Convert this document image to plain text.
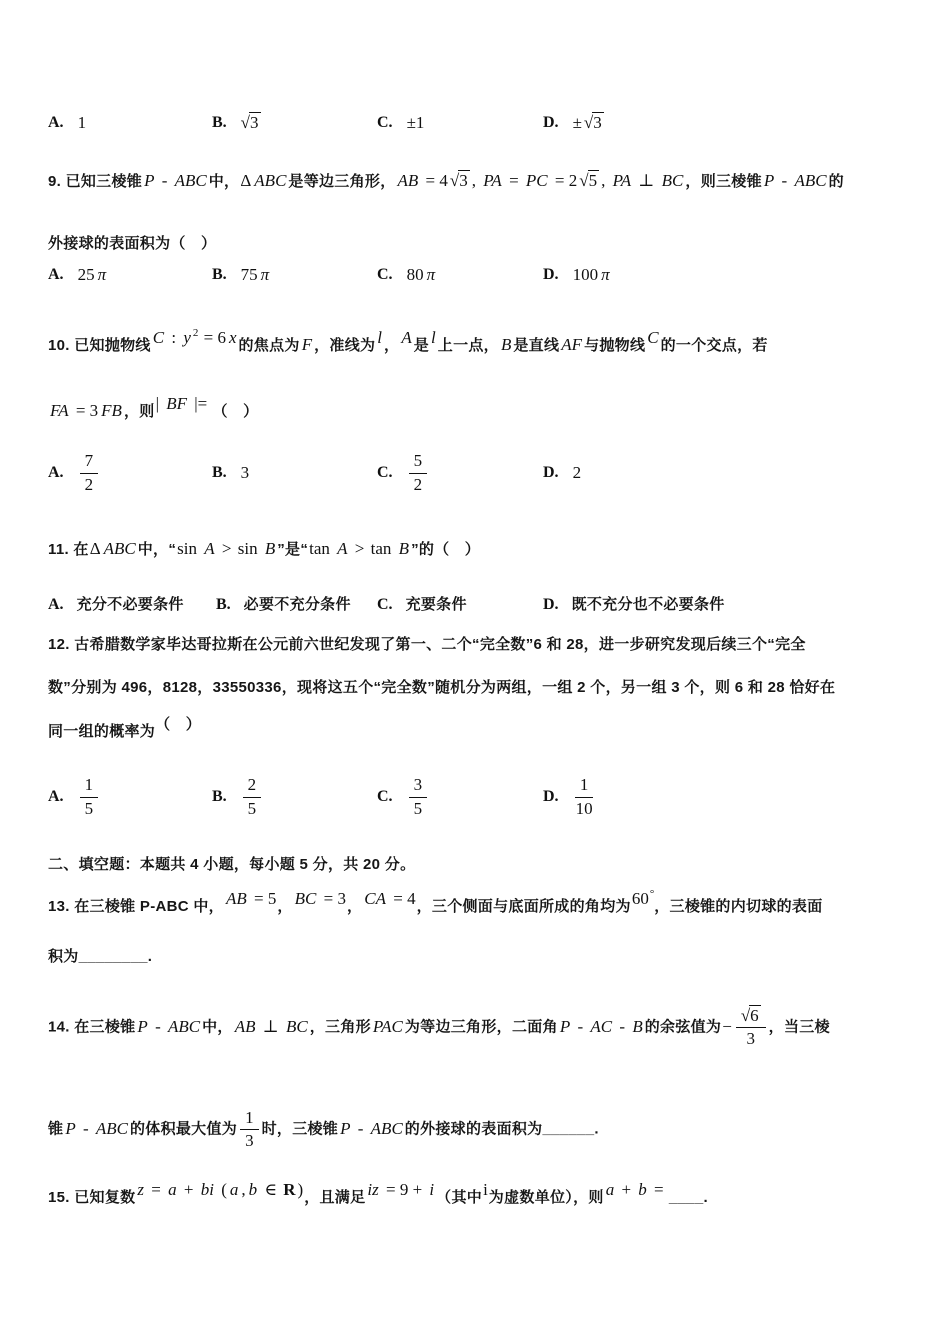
A. 1	B. √3	C. ±1	D. ± √3
9. 已知三棱锥 P - ABC 中，Δ ABC 是等边三角形， AB = 4 √3 , PA = PC = 2 √5 , PA ⊥ BC ，则三棱锥 P - ABC 的
外接球的表面积为（　）
A. 25 π	B. 75 π	C. 80 π	D. 100 π
10. 已知抛物线 C : y $^2$ = 6 x 的焦点为 F ，准线为 l ， A 是 l 上一点， B 是直线 AF 与抛物线 C 的一个交点，若
FA = 3 FB ，则| BF |= （　）
A. $\frac{7}{2}$	B. 3	C. $\frac{5}{2}$	D. 2
11. 在Δ ABC 中，“sin A > sin B ”是“tan A > tan B ”的（　）
A. 充分不必要条件 B. 必要不充分条件 C. 充要条件	D. 既不充分也不必要条件
12. 古希腊数学家毕达哥拉斯在公元前六世纪发现了第一、二个“完全数”6 和 28，进一步研究发现后续三个“完全
数”分别为 496，8128，33550336，现将这五个“完全数”随机分为两组，一组 2 个，另一组 3 个，则 6 和 28 恰好在
同一组的概率为（　）
A. $\frac{1}{5}$	B. $\frac{2}{5}$	C. $\frac{3}{5}$	D. $\frac{1}{10}$
二、填空题：本题共 4 小题，每小题 5 分，共 20 分。
13. 在三棱锥 P-ABC 中， AB = 5， BC = 3， CA = 4，三个侧面与底面所成的角均为60°，三棱锥的内切球的表面
积为________.
14. 在三棱锥 P - ABC 中， AB ⊥ BC ，三角形 PAC 为等边三角形，二面角 P - AC - B 的余弦值为− $\frac{√6}{3}$ ，当三棱
锥 P - ABC 的体积最大值为 $\frac{1}{3}$ 时，三棱锥 P - ABC 的外接球的表面积为______.
15. 已知复数 z = a + bi ( a , b ∈ R )，且满足 iz = 9 + i （其中i为虚数单位），则 a + b = ____.
